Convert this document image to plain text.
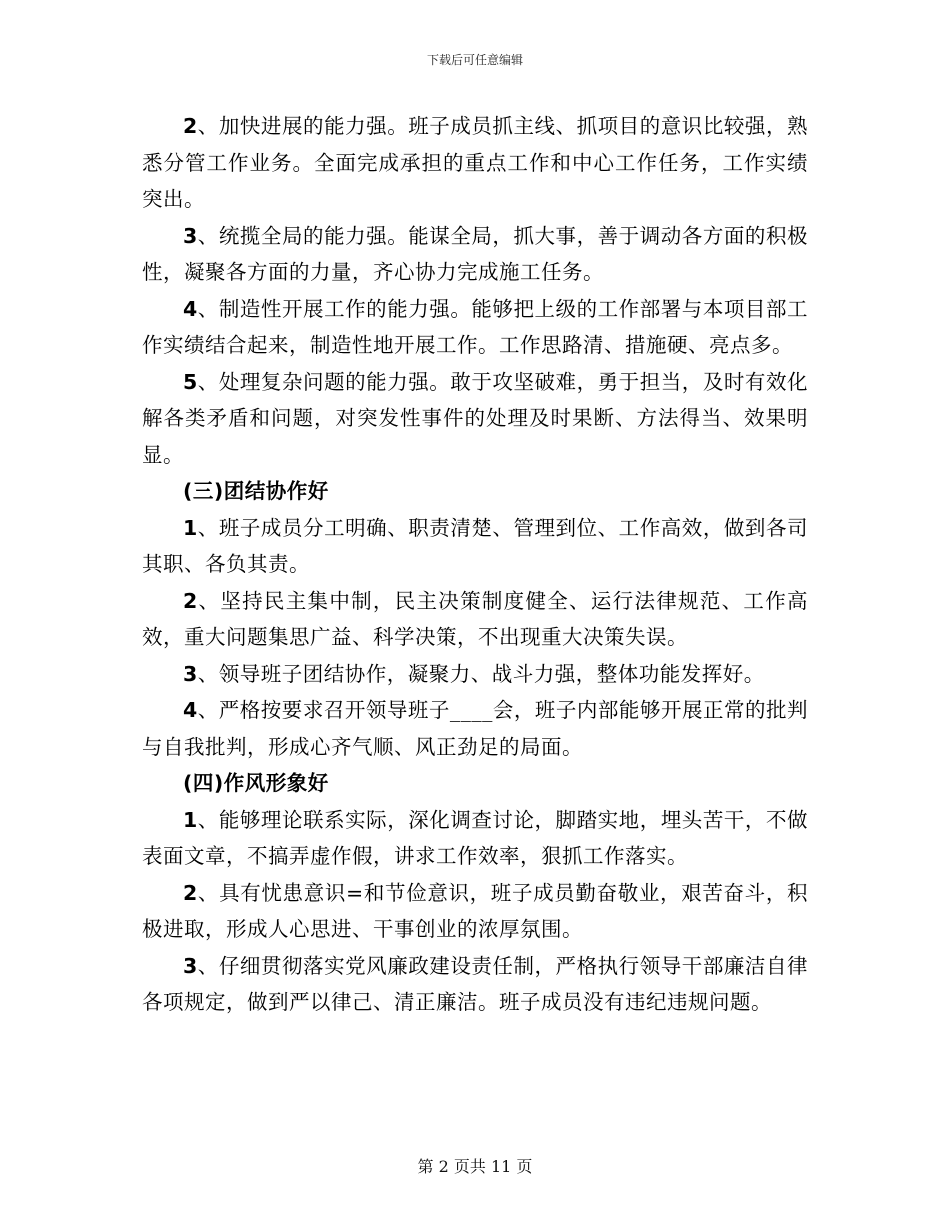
下载后可任意编辑

2、加快进展的能力强。班子成员抓主线、抓项目的意识比较强，熟悉分管工作业务。全面完成承担的重点工作和中心工作任务，工作实绩突出。

3、统揽全局的能力强。能谋全局，抓大事，善于调动各方面的积极性，凝聚各方面的力量，齐心协力完成施工任务。

4、制造性开展工作的能力强。能够把上级的工作部署与本项目部工作实绩结合起来，制造性地开展工作。工作思路清、措施硬、亮点多。

5、处理复杂问题的能力强。敢于攻坚破难，勇于担当，及时有效化解各类矛盾和问题，对突发性事件的处理及时果断、方法得当、效果明显。

(三)团结协作好

1、班子成员分工明确、职责清楚、管理到位、工作高效，做到各司其职、各负其责。

2、坚持民主集中制，民主决策制度健全、运行法律规范、工作高效，重大问题集思广益、科学决策，不出现重大决策失误。

3、领导班子团结协作，凝聚力、战斗力强，整体功能发挥好。

4、严格按要求召开领导班子____会，班子内部能够开展正常的批判与自我批判，形成心齐气顺、风正劲足的局面。

(四)作风形象好

1、能够理论联系实际，深化调查讨论，脚踏实地，埋头苦干，不做表面文章，不搞弄虚作假，讲求工作效率，狠抓工作落实。

2、具有忧患意识=和节俭意识，班子成员勤奋敬业，艰苦奋斗，积极进取，形成人心思进、干事创业的浓厚氛围。

3、仔细贯彻落实党风廉政建设责任制，严格执行领导干部廉洁自律各项规定，做到严以律己、清正廉洁。班子成员没有违纪违规问题。

第 2 页共 11 页
